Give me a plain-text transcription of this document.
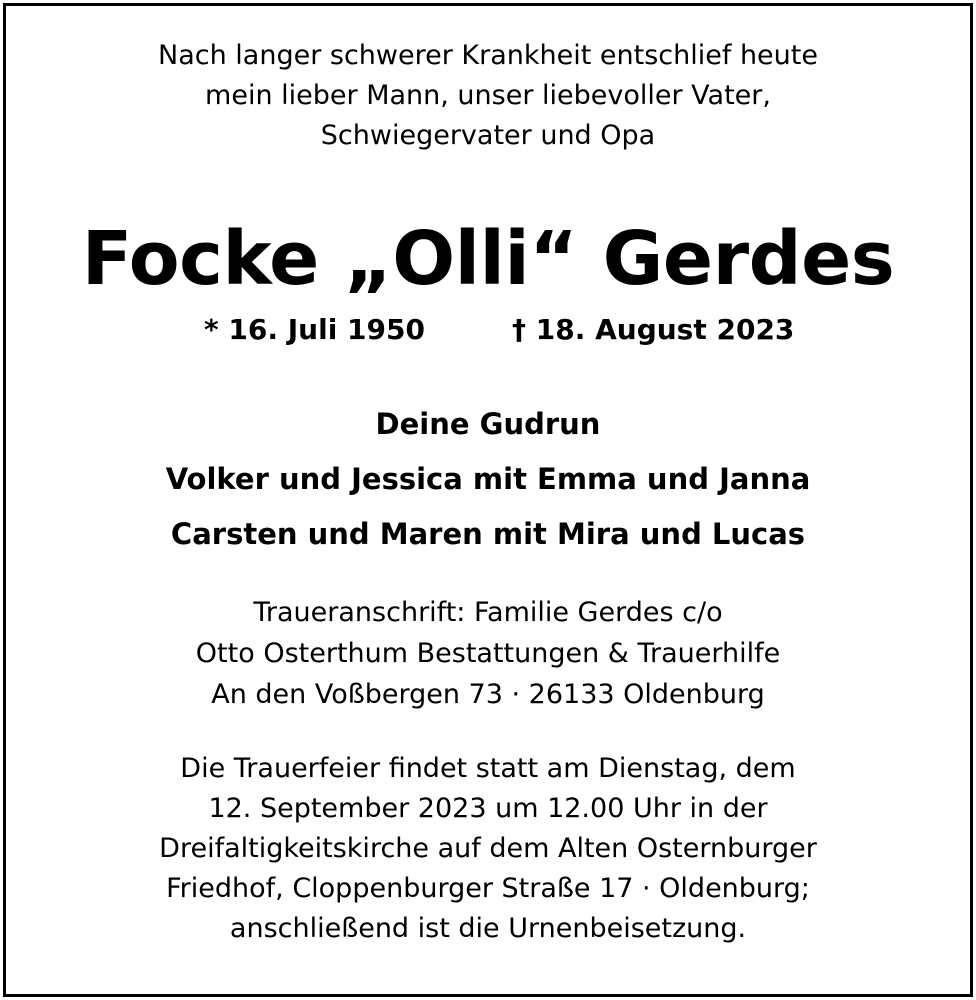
Nach langer schwerer Krankheit entschlief heute
mein lieber Mann, unser liebevoller Vater,
Schwiegervater und Opa
Focke „Olli“ Gerdes
* 16. Juli 1950	† 18. August 2023
Deine Gudrun
Volker und Jessica mit Emma und Janna
Carsten und Maren mit Mira und Lucas
Traueranschrift: Familie Gerdes c/o
Otto Osterthum Bestattungen & Trauerhilfe
An den Voßbergen 73 · 26133 Oldenburg
Die Trauerfeier findet statt am Dienstag, dem
12. September 2023 um 12.00 Uhr in der
Dreifaltigkeitskirche auf dem Alten Osternburger
Friedhof, Cloppenburger Straße 17 · Oldenburg;
anschließend ist die Urnenbeisetzung.
